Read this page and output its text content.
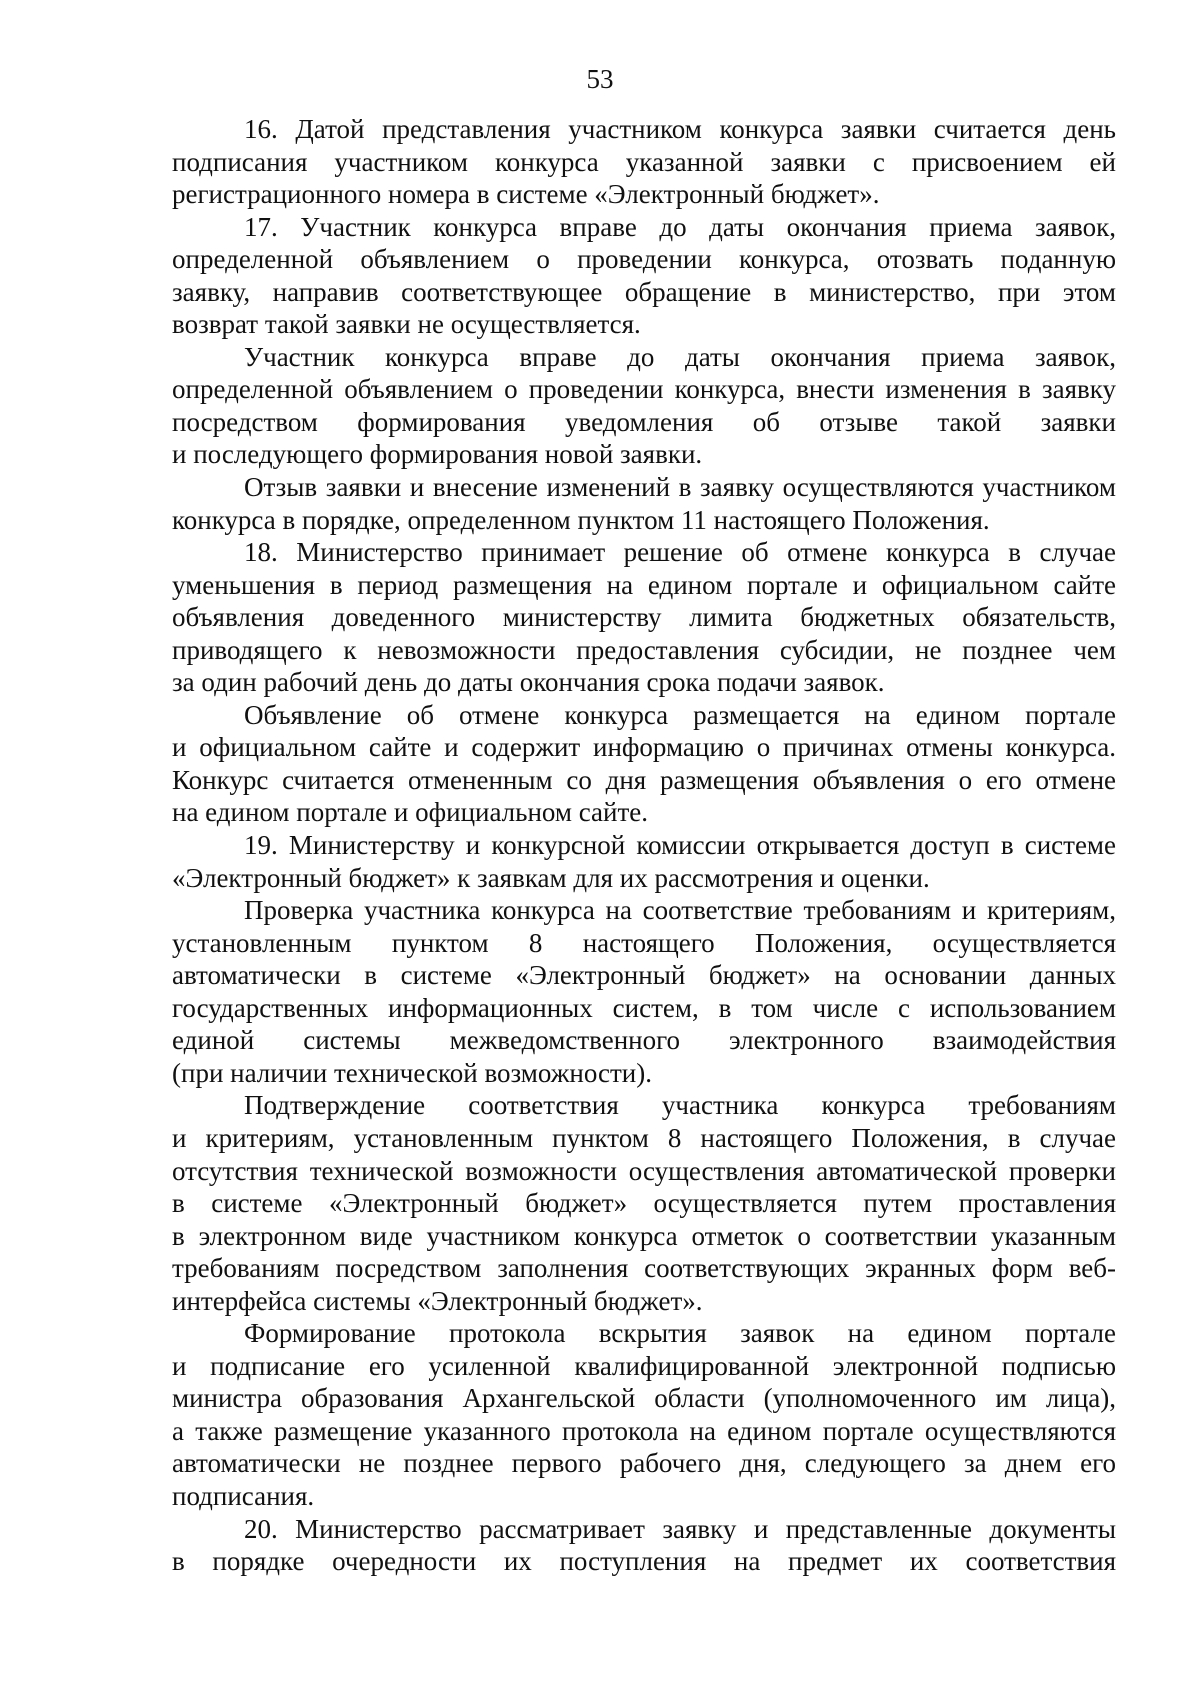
53
16. Датой представления участником конкурса заявки считается день
подписания участником конкурса указанной заявки с присвоением ей
регистрационного номера в системе «Электронный бюджет».
17. Участник конкурса вправе до даты окончания приема заявок,
определенной объявлением о проведении конкурса, отозвать поданную
заявку, направив соответствующее обращение в министерство, при этом
возврат такой заявки не осуществляется.
Участник конкурса вправе до даты окончания приема заявок,
определенной объявлением о проведении конкурса, внести изменения в заявку
посредством формирования уведомления об отзыве такой заявки
и последующего формирования новой заявки.
Отзыв заявки и внесение изменений в заявку осуществляются участником
конкурса в порядке, определенном пунктом 11 настоящего Положения.
18. Министерство принимает решение об отмене конкурса в случае
уменьшения в период размещения на едином портале и официальном сайте
объявления доведенного министерству лимита бюджетных обязательств,
приводящего к невозможности предоставления субсидии, не позднее чем
за один рабочий день до даты окончания срока подачи заявок.
Объявление об отмене конкурса размещается на едином портале
и официальном сайте и содержит информацию о причинах отмены конкурса.
Конкурс считается отмененным со дня размещения объявления о его отмене
на едином портале и официальном сайте.
19. Министерству и конкурсной комиссии открывается доступ в системе
«Электронный бюджет» к заявкам для их рассмотрения и оценки.
Проверка участника конкурса на соответствие требованиям и критериям,
установленным пунктом 8 настоящего Положения, осуществляется
автоматически в системе «Электронный бюджет» на основании данных
государственных информационных систем, в том числе с использованием
единой системы межведомственного электронного взаимодействия
(при наличии технической возможности).
Подтверждение соответствия участника конкурса требованиям
и критериям, установленным пунктом 8 настоящего Положения, в случае
отсутствия технической возможности осуществления автоматической проверки
в системе «Электронный бюджет» осуществляется путем проставления
в электронном виде участником конкурса отметок о соответствии указанным
требованиям посредством заполнения соответствующих экранных форм веб-
интерфейса системы «Электронный бюджет».
Формирование протокола вскрытия заявок на едином портале
и подписание его усиленной квалифицированной электронной подписью
министра образования Архангельской области (уполномоченного им лица),
а также размещение указанного протокола на едином портале осуществляются
автоматически не позднее первого рабочего дня, следующего за днем его
подписания.
20. Министерство рассматривает заявку и представленные документы
в порядке очередности их поступления на предмет их соответствия
